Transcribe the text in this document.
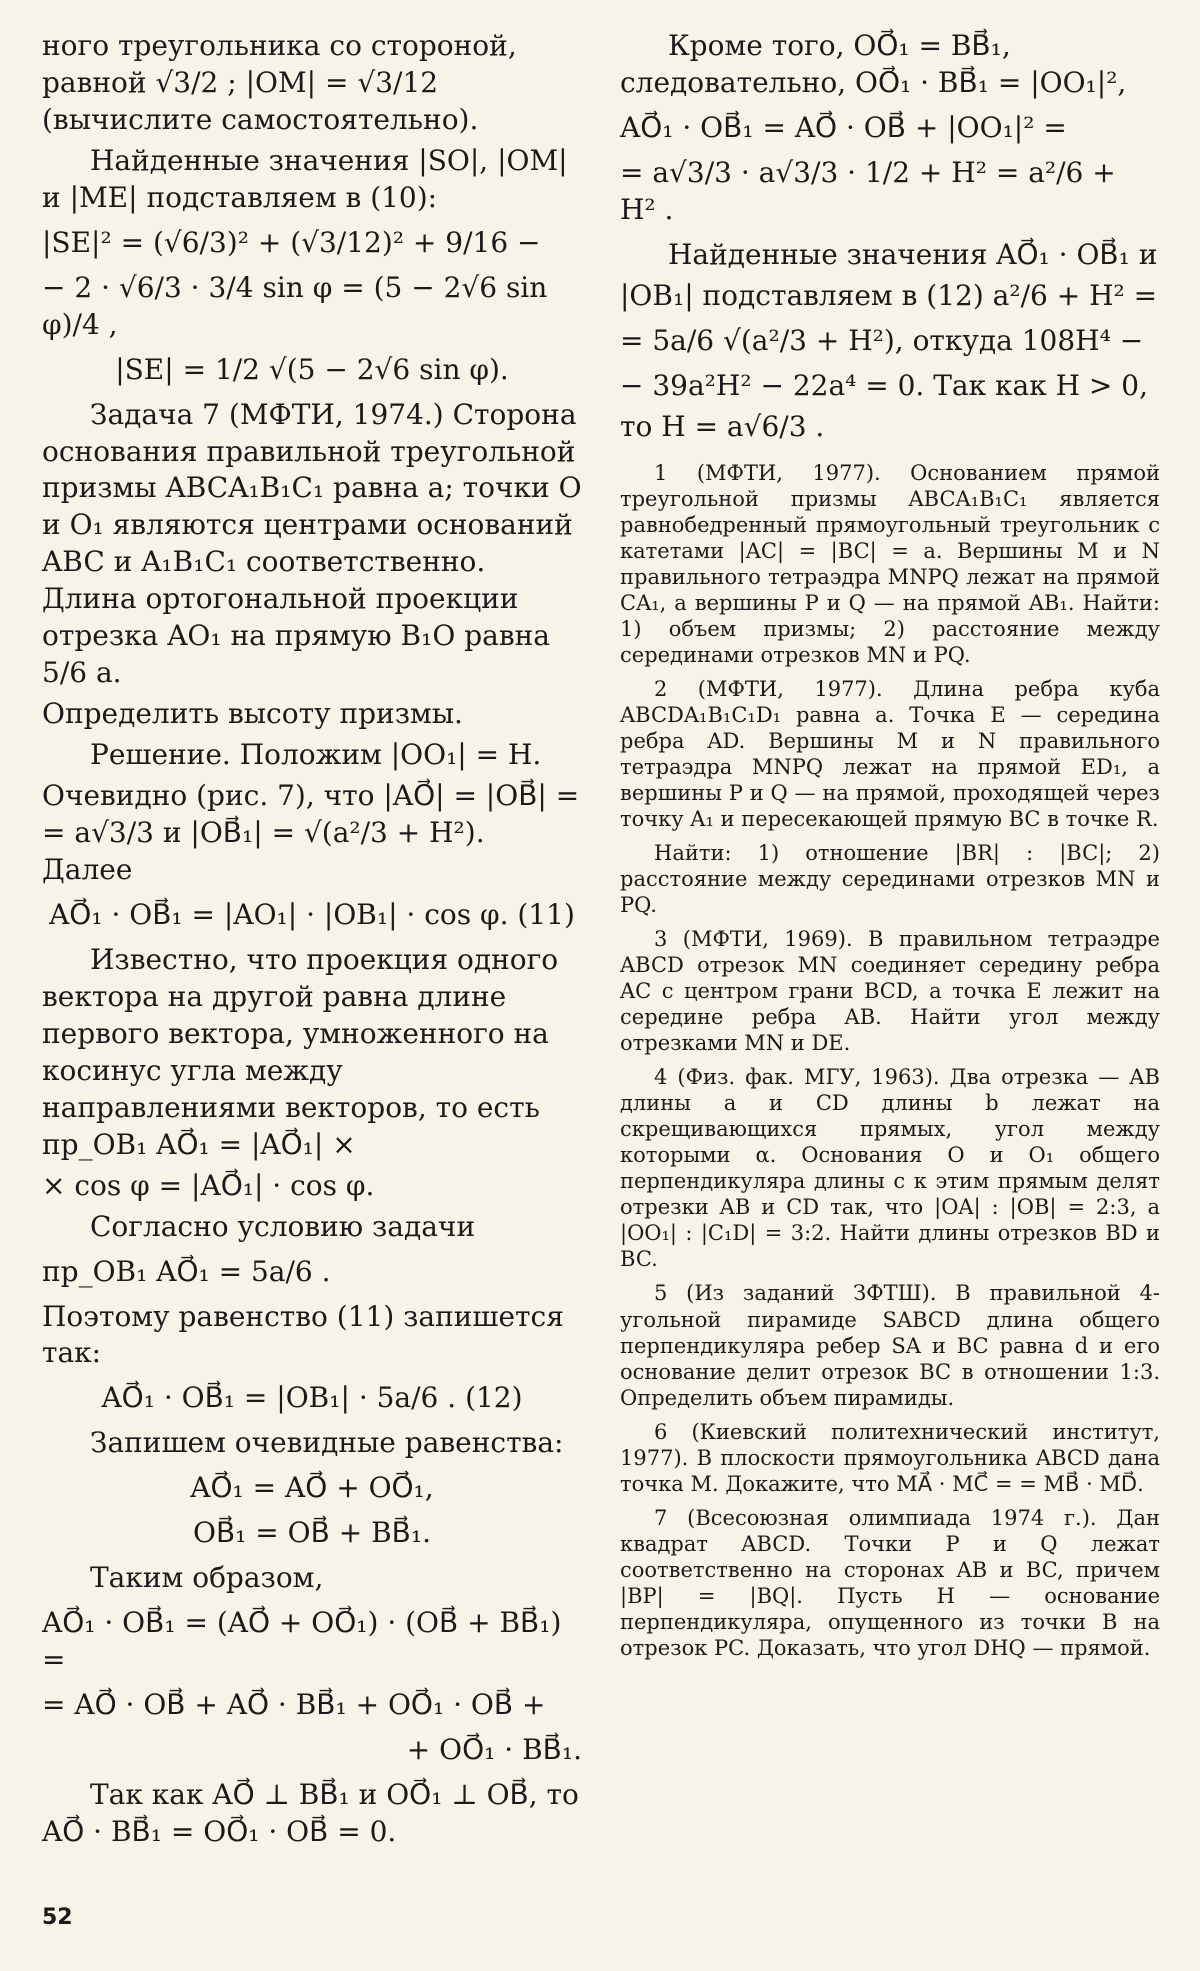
ного треугольника со стороной, равной √3/2 ; |OM| = √3/12 (вычислите самостоятельно).

Найденные значения |SO|, |OM| и |ME| подставляем в (10):

|SE|² = (√6/3)² + (√3/12)² + 9/16 −

− 2 · √6/3 · 3/4 sin φ = (5 − 2√6 sin φ)/4 ,

|SE| = 1/2 √(5 − 2√6 sin φ).

Задача 7 (МФТИ, 1974.) Сторона основания правильной треугольной призмы ABCA₁B₁C₁ равна a; точки O и O₁ являются центрами оснований ABC и A₁B₁C₁ соответственно. Длина ортогональной проекции отрезка AO₁ на прямую B₁O равна 5/6 a.

Определить высоту призмы.

Решение. Положим |OO₁| = H.

Очевидно (рис. 7), что |AO⃗| = |OB⃗| = = a√3/3 и |OB⃗₁| = √(a²/3 + H²). Далее

AO⃗₁ · OB⃗₁ = |AO₁| · |OB₁| · cos φ. (11)

Известно, что проекция одного вектора на другой равна длине первого вектора, умноженного на косинус угла между направлениями векторов, то есть пр_OB₁ AO⃗₁ = |AO⃗₁| ×

× cos φ = |AO⃗₁| · cos φ.

Согласно условию задачи

пр_OB₁ AO⃗₁ = 5a/6 .

Поэтому равенство (11) запишется так:

AO⃗₁ · OB⃗₁ = |OB₁| · 5a/6 . (12)

Запишем очевидные равенства:

AO⃗₁ = AO⃗ + OO⃗₁,

OB⃗₁ = OB⃗ + BB⃗₁.

Таким образом,

AO⃗₁ · OB⃗₁ = (AO⃗ + OO⃗₁) · (OB⃗ + BB⃗₁) =

= AO⃗ · OB⃗ + AO⃗ · BB⃗₁ + OO⃗₁ · OB⃗ +

+ OO⃗₁ · BB⃗₁.

Так как AO⃗ ⊥ BB⃗₁ и OO⃗₁ ⊥ OB⃗, то AO⃗ · BB⃗₁ = OO⃗₁ · OB⃗ = 0.

Кроме того, OO⃗₁ = BB⃗₁, следовательно, OO⃗₁ · BB⃗₁ = |OO₁|²,

AO⃗₁ · OB⃗₁ = AO⃗ · OB⃗ + |OO₁|² =

= a√3/3 · a√3/3 · 1/2 + H² = a²/6 + H² .

Найденные значения AO⃗₁ · OB⃗₁ и

|OB₁| подставляем в (12) a²/6 + H² =

= 5a/6 √(a²/3 + H²), откуда 108H⁴ −

− 39a²H² − 22a⁴ = 0. Так как H > 0,

то H = a√6/3 .

1 (МФТИ, 1977). Основанием прямой треугольной призмы ABCA₁B₁C₁ является равнобедренный прямоугольный треугольник с катетами |AC| = |BC| = a. Вершины M и N правильного тетраэдра MNPQ лежат на прямой CA₁, а вершины P и Q — на прямой AB₁. Найти: 1) объем призмы; 2) расстояние между серединами отрезков MN и PQ.

2 (МФТИ, 1977). Длина ребра куба ABCDA₁B₁C₁D₁ равна a. Точка E — середина ребра AD. Вершины M и N правильного тетраэдра MNPQ лежат на прямой ED₁, а вершины P и Q — на прямой, проходящей через точку A₁ и пересекающей прямую BC в точке R.

Найти: 1) отношение |BR| : |BC|; 2) расстояние между серединами отрезков MN и PQ.

3 (МФТИ, 1969). В правильном тетраэдре ABCD отрезок MN соединяет середину ребра AC с центром грани BCD, а точка E лежит на середине ребра AB. Найти угол между отрезками MN и DE.

4 (Физ. фак. МГУ, 1963). Два отрезка — AB длины a и CD длины b лежат на скрещивающихся прямых, угол между которыми α. Основания O и O₁ общего перпендикуляра длины c к этим прямым делят отрезки AB и CD так, что |OA| : |OB| = 2:3, а |OO₁| : |C₁D| = 3:2. Найти длины отрезков BD и BC.

5 (Из заданий ЗФТШ). В правильной 4-угольной пирамиде SABCD длина общего перпендикуляра ребер SA и BC равна d и его основание делит отрезок BC в отношении 1:3. Определить объем пирамиды.

6 (Киевский политехнический институт, 1977). В плоскости прямоугольника ABCD дана точка M. Докажите, что MA⃗ · MC⃗ = = MB⃗ · MD⃗.

7 (Всесоюзная олимпиада 1974 г.). Дан квадрат ABCD. Точки P и Q лежат соответственно на сторонах AB и BC, причем |BP| = |BQ|. Пусть H — основание перпендикуляра, опущенного из точки B на отрезок PC. Доказать, что угол DHQ — прямой.

52
